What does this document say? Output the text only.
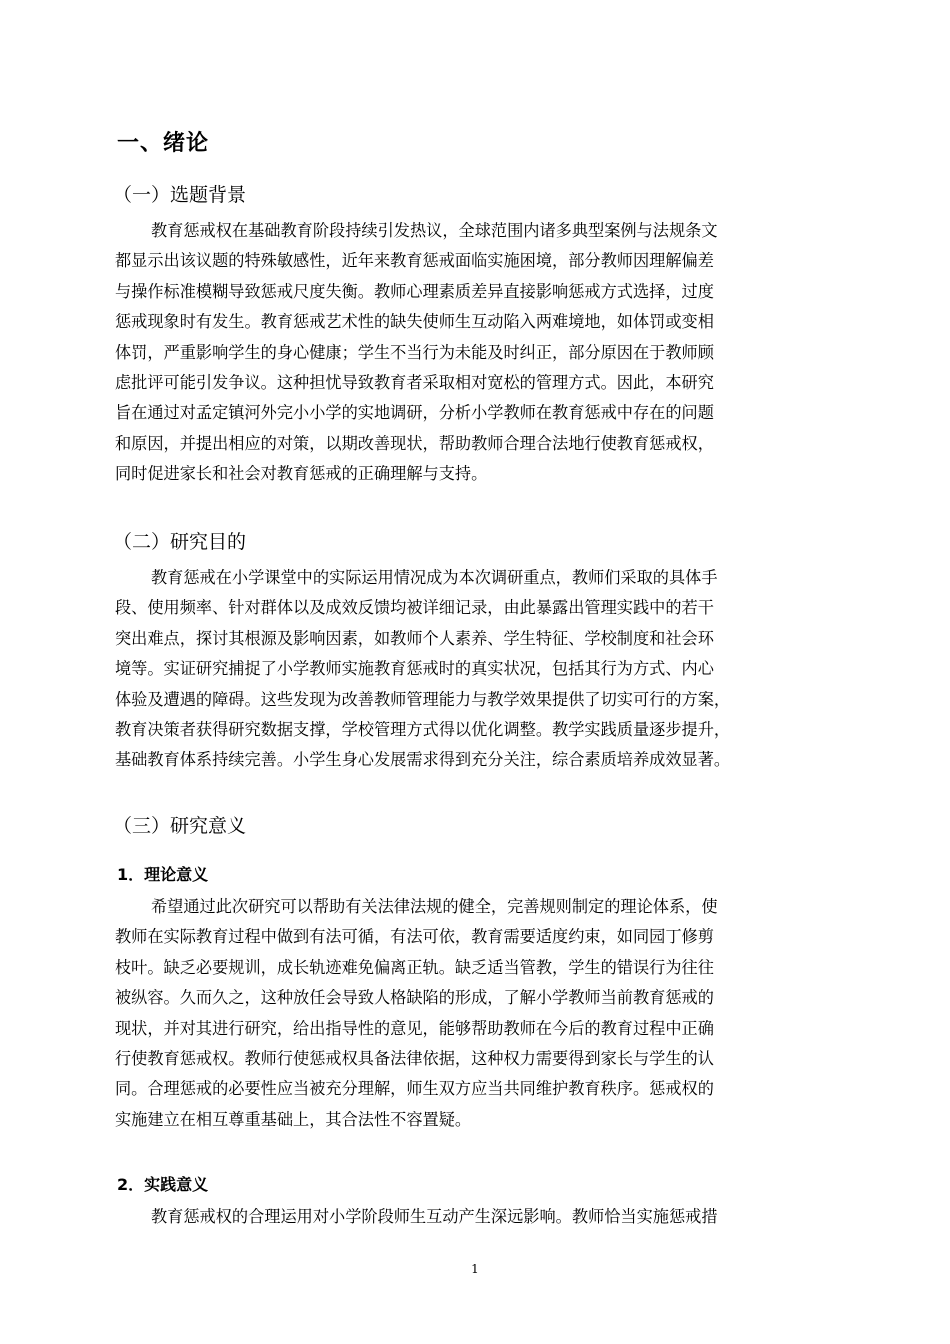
一、绪论
（一）选题背景
教育惩戒权在基础教育阶段持续引发热议，全球范围内诸多典型案例与法规条文
都显示出该议题的特殊敏感性，近年来教育惩戒面临实施困境，部分教师因理解偏差
与操作标准模糊导致惩戒尺度失衡。教师心理素质差异直接影响惩戒方式选择，过度
惩戒现象时有发生。教育惩戒艺术性的缺失使师生互动陷入两难境地，如体罚或变相
体罚，严重影响学生的身心健康；学生不当行为未能及时纠正，部分原因在于教师顾
虑批评可能引发争议。这种担忧导致教育者采取相对宽松的管理方式。因此，本研究
旨在通过对孟定镇河外完小小学的实地调研，分析小学教师在教育惩戒中存在的问题
和原因，并提出相应的对策，以期改善现状，帮助教师合理合法地行使教育惩戒权，
同时促进家长和社会对教育惩戒的正确理解与支持。
（二）研究目的
教育惩戒在小学课堂中的实际运用情况成为本次调研重点，教师们采取的具体手
段、使用频率、针对群体以及成效反馈均被详细记录，由此暴露出管理实践中的若干
突出难点，探讨其根源及影响因素，如教师个人素养、学生特征、学校制度和社会环
境等。实证研究捕捉了小学教师实施教育惩戒时的真实状况，包括其行为方式、内心
体验及遭遇的障碍。这些发现为改善教师管理能力与教学效果提供了切实可行的方案，
教育决策者获得研究数据支撑，学校管理方式得以优化调整。教学实践质量逐步提升，
基础教育体系持续完善。小学生身心发展需求得到充分关注，综合素质培养成效显著。
（三）研究意义
1．理论意义
希望通过此次研究可以帮助有关法律法规的健全，完善规则制定的理论体系，使
教师在实际教育过程中做到有法可循，有法可依，教育需要适度约束，如同园丁修剪
枝叶。缺乏必要规训，成长轨迹难免偏离正轨。缺乏适当管教，学生的错误行为往往
被纵容。久而久之，这种放任会导致人格缺陷的形成，了解小学教师当前教育惩戒的
现状，并对其进行研究，给出指导性的意见，能够帮助教师在今后的教育过程中正确
行使教育惩戒权。教师行使惩戒权具备法律依据，这种权力需要得到家长与学生的认
同。合理惩戒的必要性应当被充分理解，师生双方应当共同维护教育秩序。惩戒权的
实施建立在相互尊重基础上，其合法性不容置疑。
2．实践意义
教育惩戒权的合理运用对小学阶段师生互动产生深远影响。教师恰当实施惩戒措
1
